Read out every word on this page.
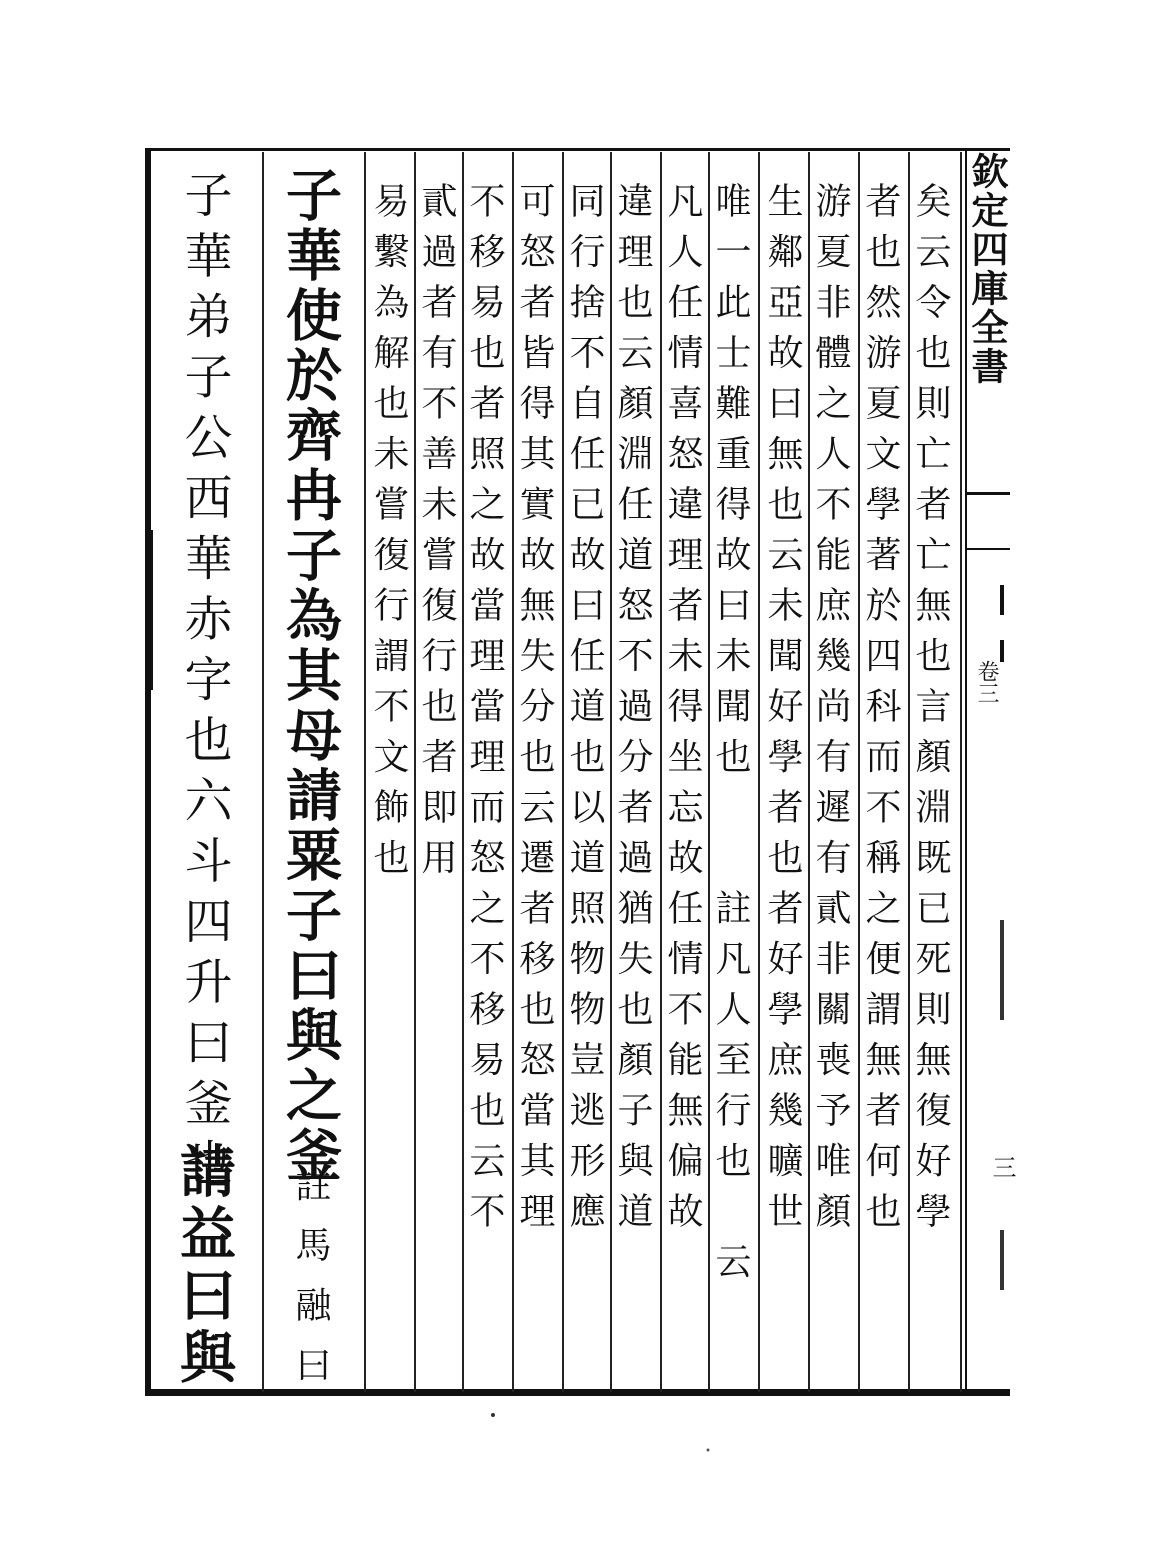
欽定四庫全書
卷三
三
矣云令也則亡者亡無也言顏淵既已死則無復好學
者也然游夏文學著於四科而不稱之便謂無者何也
游夏非體之人不能庶幾尚有遲有貳非關喪予唯顏
生鄰亞故曰無也云未聞好學者也者好學庶幾曠世
唯一此士難重得故曰未聞也　　註凡人至行也　云
凡人任情喜怒違理者未得坐忘故任情不能無偏故
違理也云顏淵任道怒不過分者過猶失也顏子與道
同行捨不自任已故曰任道也以道照物物豈逃形應
可怒者皆得其實故無失分也云遷者移也怒當其理
不移易也者照之故當理當理而怒之不移易也云不
貳過者有不善未嘗復行也者即用
易繫為解也未嘗復行謂不文飾也
子華使於齊冉子為其母請粟子曰與之釜
註馬融曰
子華弟子公西華赤字也六斗四升曰釜也
請益曰與
